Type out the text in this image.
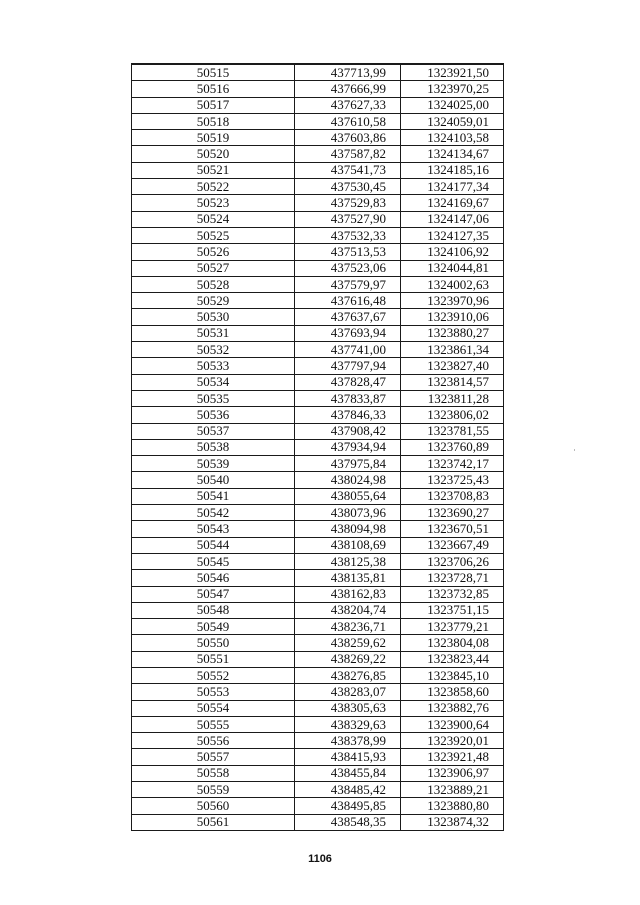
50515	437713,99	1323921,50
50516	437666,99	1323970,25
50517	437627,33	1324025,00
50518	437610,58	1324059,01
50519	437603,86	1324103,58
50520	437587,82	1324134,67
50521	437541,73	1324185,16
50522	437530,45	1324177,34
50523	437529,83	1324169,67
50524	437527,90	1324147,06
50525	437532,33	1324127,35
50526	437513,53	1324106,92
50527	437523,06	1324044,81
50528	437579,97	1324002,63
50529	437616,48	1323970,96
50530	437637,67	1323910,06
50531	437693,94	1323880,27
50532	437741,00	1323861,34
50533	437797,94	1323827,40
50534	437828,47	1323814,57
50535	437833,87	1323811,28
50536	437846,33	1323806,02
50537	437908,42	1323781,55
50538	437934,94	1323760,89
50539	437975,84	1323742,17
50540	438024,98	1323725,43
50541	438055,64	1323708,83
50542	438073,96	1323690,27
50543	438094,98	1323670,51
50544	438108,69	1323667,49
50545	438125,38	1323706,26
50546	438135,81	1323728,71
50547	438162,83	1323732,85
50548	438204,74	1323751,15
50549	438236,71	1323779,21
50550	438259,62	1323804,08
50551	438269,22	1323823,44
50552	438276,85	1323845,10
50553	438283,07	1323858,60
50554	438305,63	1323882,76
50555	438329,63	1323900,64
50556	438378,99	1323920,01
50557	438415,93	1323921,48
50558	438455,84	1323906,97
50559	438485,42	1323889,21
50560	438495,85	1323880,80
50561	438548,35	1323874,32
1106
